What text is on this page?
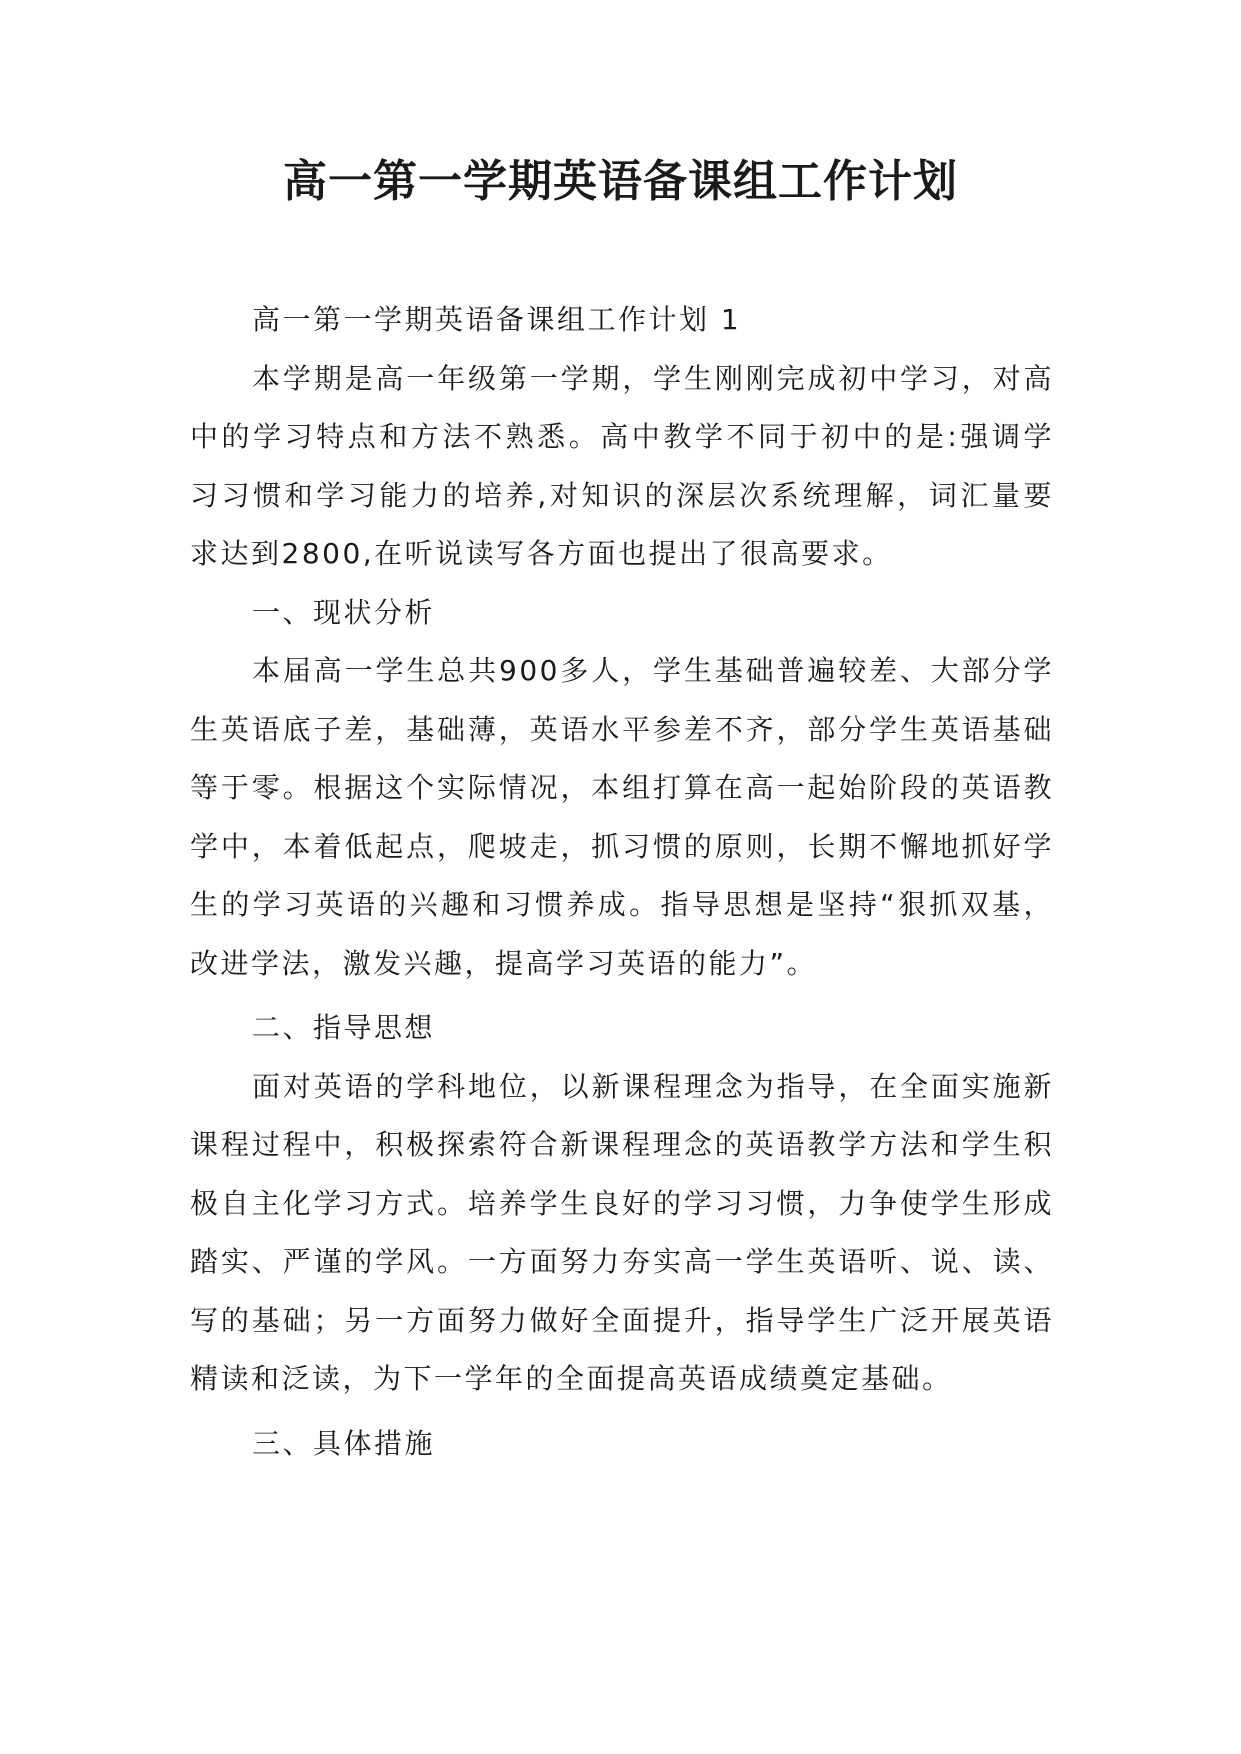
高一第一学期英语备课组工作计划

高一第一学期英语备课组工作计划 1

本学期是高一年级第一学期，学生刚刚完成初中学习，对高中的学习特点和方法不熟悉。高中教学不同于初中的是:强调学习习惯和学习能力的培养,对知识的深层次系统理解，词汇量要求达到2800,在听说读写各方面也提出了很高要求。

一、现状分析

本届高一学生总共900多人，学生基础普遍较差、大部分学生英语底子差，基础薄，英语水平参差不齐，部分学生英语基础等于零。根据这个实际情况，本组打算在高一起始阶段的英语教学中，本着低起点，爬坡走，抓习惯的原则，长期不懈地抓好学生的学习英语的兴趣和习惯养成。指导思想是坚持“狠抓双基，改进学法，激发兴趣，提高学习英语的能力”。

二、指导思想

面对英语的学科地位，以新课程理念为指导，在全面实施新课程过程中，积极探索符合新课程理念的英语教学方法和学生积极自主化学习方式。培养学生良好的学习习惯，力争使学生形成踏实、严谨的学风。一方面努力夯实高一学生英语听、说、读、写的基础；另一方面努力做好全面提升，指导学生广泛开展英语精读和泛读，为下一学年的全面提高英语成绩奠定基础。

三、具体措施
